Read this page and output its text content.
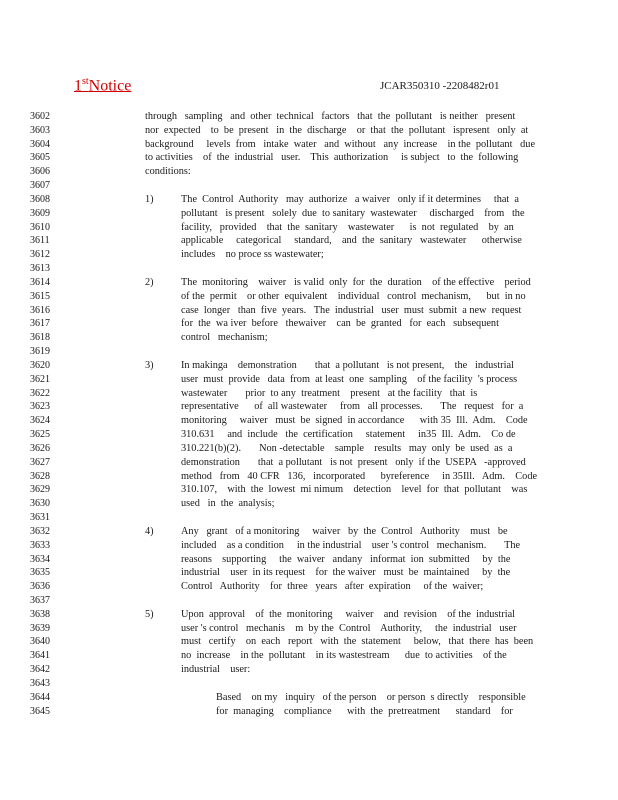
1stNotice	JCAR350310 -2208482r01
3602	through   sampling   and  other  technical   factors   that  the  pollutant   is neither   present
3603	nor  expected    to  be  present   in  the  discharge    or  that  the  pollutant   ispresent   only  at
3604	background     levels  from   intake  water   and  without   any  increase    in the  pollutant   due
3605	to activities    of  the  industrial   user.    This  authorization     is subject   to  the  following
3606	conditions:
3607
3608	1)	The  Control  Authority   may  authorize   a waiver   only if it determines     that  a
3609	pollutant   is present   solely  due  to sanitary  wastewater     discharged    from   the
3610	facility,   provided    that  the  sanitary    wastewater      is  not  regulated    by  an
3611	applicable     categorical     standard,    and  the  sanitary   wastewater      otherwise
3612	includes    no proce ss wastewater;
3613
3614	2)	The  monitoring    waiver   is valid  only  for  the  duration    of the effective    period
3615	of the  permit    or other  equivalent    individual   control  mechanism,      but  in no
3616	case  longer   than  five  years.   The  industrial   user  must  submit  a new  request
3617	for  the  wa iver  before   thewaiver    can  be  granted   for  each   subsequent
3618	control   mechanism;
3619
3620	3)	In makinga    demonstration       that  a pollutant   is not present,    the   industrial
3621	user  must  provide   data  from  at least  one  sampling    of the facility  's process
3622	wastewater       prior  to any  treatment    present   at the facility   that  is
3623	representative      of  all wastewater     from   all processes.       The   request   for  a
3624	monitoring     waiver   must  be  signed  in accordance      with 35  Ill.  Adm.    Code
3625	310.631     and  include   the  certification     statement     in35  Ill.  Adm.    Co de
3626	310.221(b)(2).       Non -detectable    sample    results   may  only  be  used  as  a
3627	demonstration       that  a pollutant   is not  present   only  if the  USEPA   -approved
3628	method   from   40 CFR   136,   incorporated      byreference     in 35Ill.   Adm.    Code
3629	310.107,    with  the  lowest  mi nimum    detection    level  for  that  pollutant    was
3630	used   in  the  analysis;
3631
3632	4)	Any   grant   of a monitoring     waiver   by  the  Control   Authority    must   be
3633	included    as a condition     in the industrial    user 's control   mechanism.       The
3634	reasons    supporting     the  waiver   andany   informat  ion  submitted     by  the
3635	industrial    user  in its request    for  the waiver   must  be  maintained     by  the
3636	Control   Authority    for  three   years   after  expiration     of the  waiver;
3637
3638	5)	Upon  approval    of  the  monitoring     waiver    and  revision    of the  industrial
3639	user 's control   mechanis    m  by the  Control    Authority,     the  industrial   user
3640	must   certify    on  each   report   with  the  statement     below,   that  there  has  been
3641	no  increase    in the  pollutant    in its wastestream      due  to activities    of the
3642	industrial    user:
3643
3644	Based    on my   inquiry   of the person    or person  s directly    responsible
3645	for  managing    compliance      with  the  pretreatment      standard    for
